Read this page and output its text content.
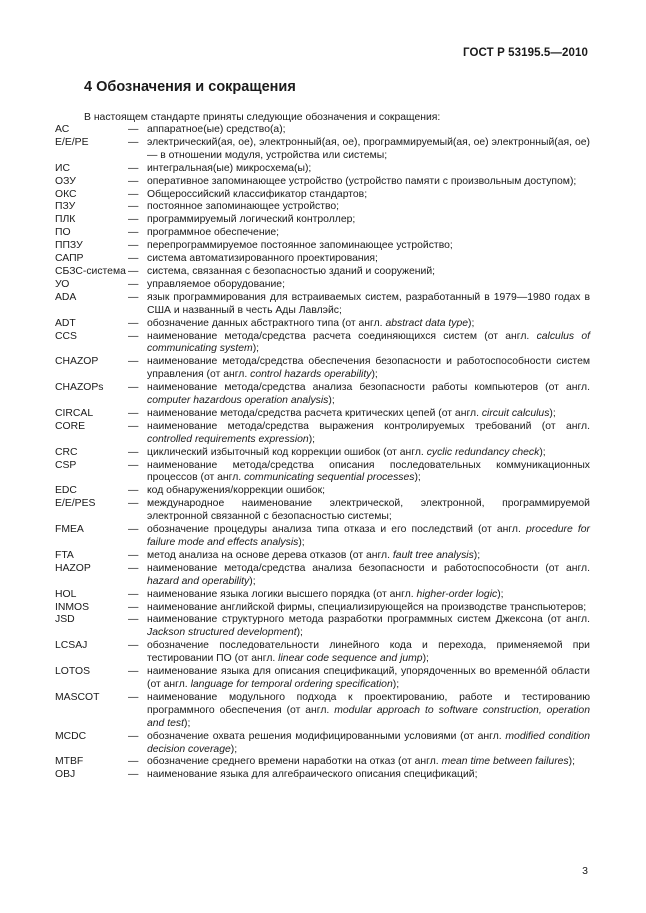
ГОСТ Р 53195.5—2010
4 Обозначения и сокращения
В настоящем стандарте приняты следующие обозначения и сокращения:
АС	— аппаратное(ые) средство(а);
Е/Е/РЕ	— электрический(ая, ое), электронный(ая, ое), программируемый(ая, ое) электронный(ая, ое) — в отношении модуля, устройства или системы;
ИС	— интегральная(ые) микросхема(ы);
ОЗУ	— оперативное запоминающее устройство (устройство памяти с произвольным доступом);
ОКС	— Общероссийский классификатор стандартов;
ПЗУ	— постоянное запоминающее устройство;
ПЛК	— программируемый логический контроллер;
ПО	— программное обеспечение;
ППЗУ	— перепрограммируемое постоянное запоминающее устройство;
САПР	— система автоматизированного проектирования;
СБЗС-система — система, связанная с безопасностью зданий и сооружений;
УО	— управляемое оборудование;
ADA	— язык программирования для встраиваемых систем, разработанный в 1979—1980 годах в США и названный в честь Ады Лавлэйс;
ADT	— обозначение данных абстрактного типа (от англ. abstract data type);
CCS	— наименование метода/средства расчета соединяющихся систем (от англ. calculus of communicating system);
CHAZOP	— наименование метода/средства обеспечения безопасности и работоспособности систем управления (от англ. control hazards operability);
CHAZOPs	— наименование метода/средства анализа безопасности работы компьютеров (от англ. computer hazardous operation analysis);
CIRCAL	— наименование метода/средства расчета критических цепей (от англ. circuit calculus);
CORE	— наименование метода/средства выражения контролируемых требований (от англ. controlled requirements expression);
CRC	— циклический избыточный код коррекции ошибок (от англ. cyclic redundancy check);
CSP	— наименование метода/средства описания последовательных коммуникационных процессов (от англ. communicating sequential processes);
EDC	— код обнаружения/коррекции ошибок;
E/E/PES	— международное наименование электрической, электронной, программируемой электронной связанной с безопасностью системы;
FMEA	— обозначение процедуры анализа типа отказа и его последствий (от англ. procedure for failure mode and effects analysis);
FTA	— метод анализа на основе дерева отказов (от англ. fault tree analysis);
HAZOP	— наименование метода/средства анализа безопасности и работоспособности (от англ. hazard and operability);
HOL	— наименование языка логики высшего порядка (от англ. higher-order logic);
INMOS	— наименование английской фирмы, специализирующейся на производстве транспьютеров;
JSD	— наименование структурного метода разработки программных систем Джексона (от англ. Jackson structured development);
LCSAJ	— обозначение последовательности линейного кода и перехода, применяемой при тестировании ПО (от англ. linear code sequence and jump);
LOTOS	— наименование языка для описания спецификаций, упорядоченных во временно́й области (от англ. language for temporal ordering specification);
MASCOT	— наименование модульного подхода к проектированию, работе и тестированию программного обеспечения (от англ. modular approach to software construction, operation and test);
MCDC	— обозначение охвата решения модифицированными условиями (от англ. modified condition decision coverage);
MTBF	— обозначение среднего времени наработки на отказ (от англ. mean time between failures);
OBJ	— наименование языка для алгебраического описания спецификаций;
3
